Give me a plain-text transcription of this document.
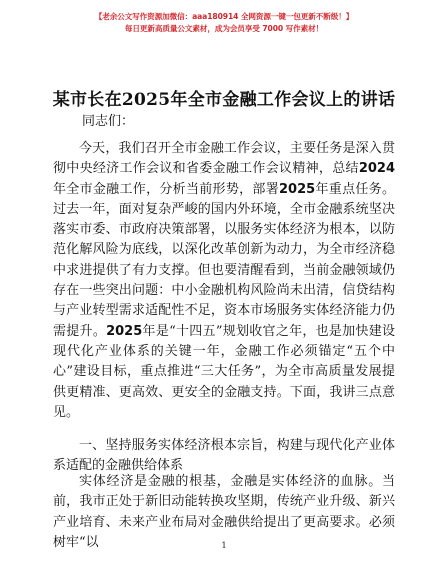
【老余公文写作资源加微信：aaa180914 全网资源一键一包更新不断级！】
每日更新高质量公文素材，成为会员享受 7000 写作素材！
某市长在2025年全市金融工作会议上的讲话
同志们：
今天，我们召开全市金融工作会议，主要任务是深入贯彻中央经济工作会议和省委金融工作会议精神，总结2024年全市金融工作，分析当前形势，部署2025年重点任务。过去一年，面对复杂严峻的国内外环境，全市金融系统坚决落实市委、市政府决策部署，以服务实体经济为根本，以防范化解风险为底线，以深化改革创新为动力，为全市经济稳中求进提供了有力支撑。但也要清醒看到，当前金融领域仍存在一些突出问题：中小金融机构风险尚未出清，信贷结构与产业转型需求适配性不足，资本市场服务实体经济能力仍需提升。2025年是“十四五”规划收官之年，也是加快建设现代化产业体系的关键一年，金融工作必须锚定“五个中心”建设目标，重点推进“三大任务”，为全市高质量发展提供更精准、更高效、更安全的金融支持。下面，我讲三点意见。
一、坚持服务实体经济根本宗旨，构建与现代化产业体系适配的金融供给体系
实体经济是金融的根基，金融是实体经济的血脉。当前，我市正处于新旧动能转换攻坚期，传统产业升级、新兴产业培育、未来产业布局对金融供给提出了更高要求。必须树牢“以	1
